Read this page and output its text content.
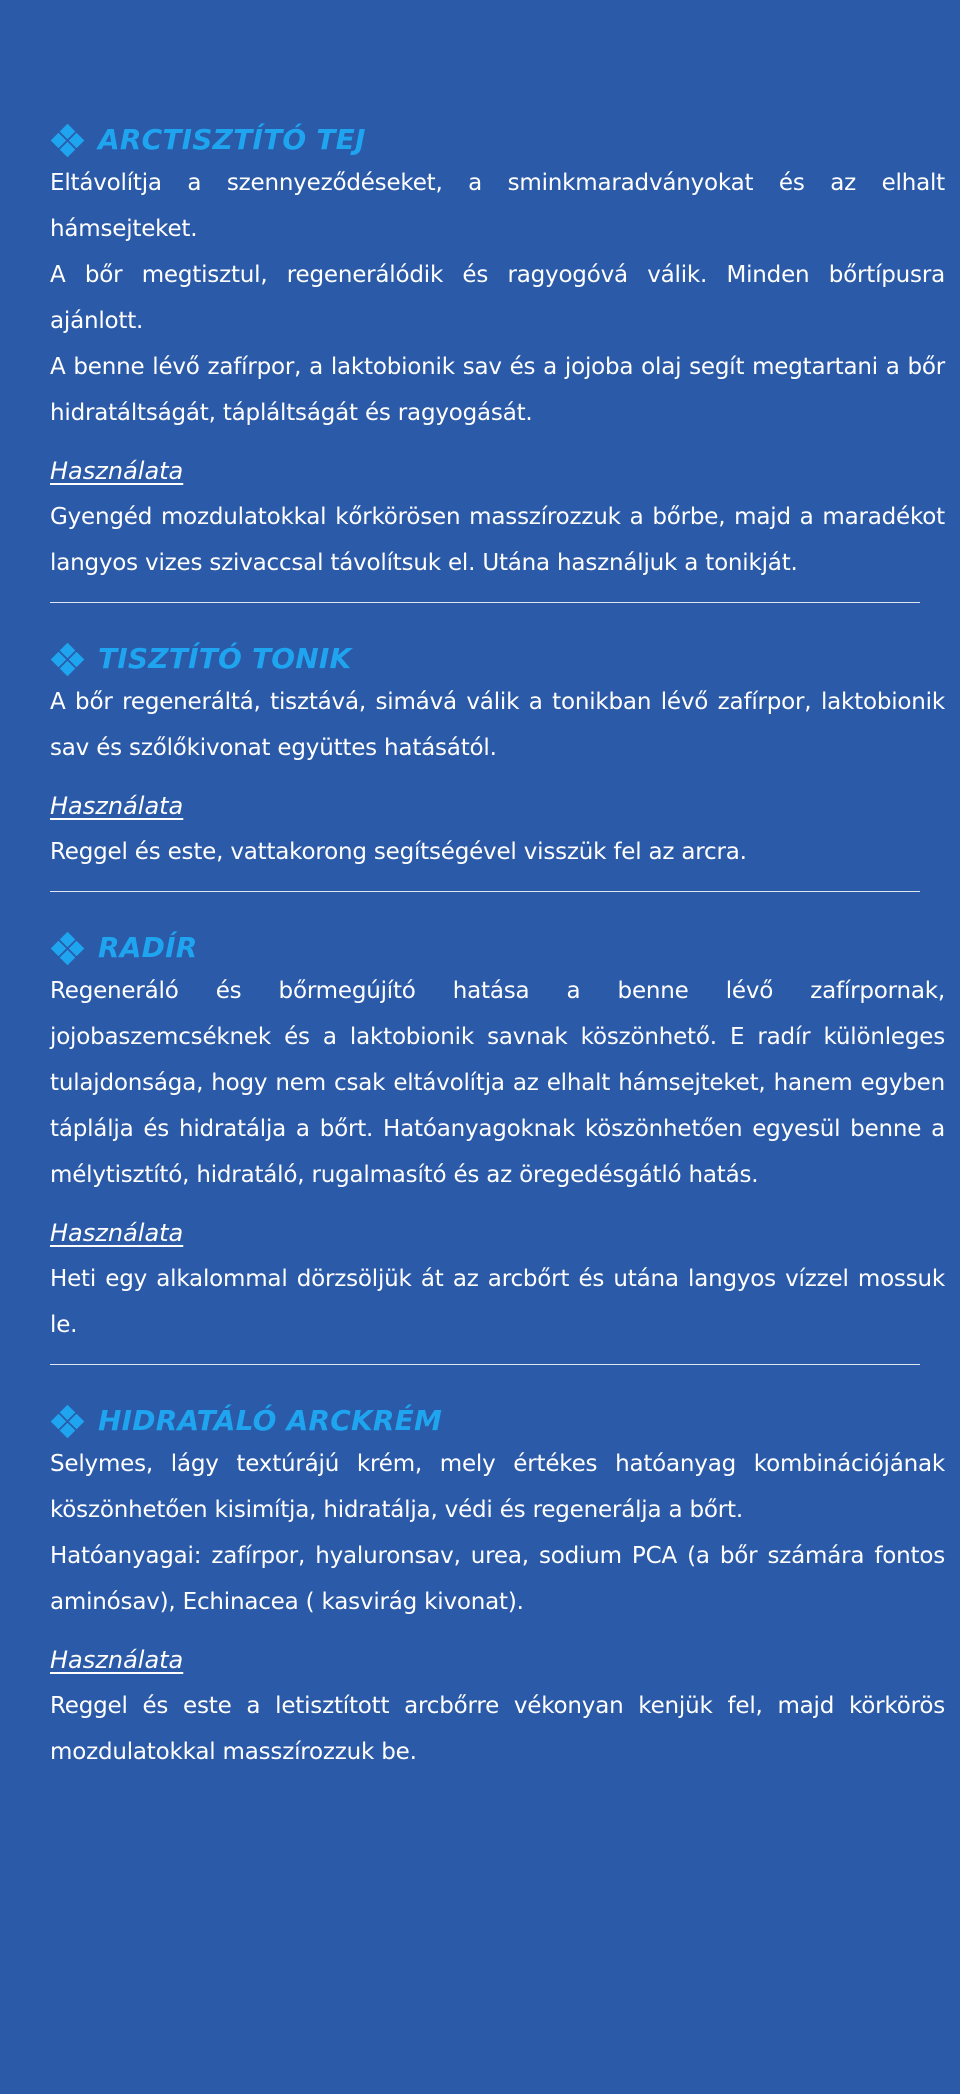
ARCTISZTÍTÓ TEJ

Eltávolítja a szennyeződéseket, a sminkmaradványokat és az elhalt hámsejteket.

A bőr megtisztul, regenerálódik és ragyogóvá válik. Minden bőrtípusra ajánlott.

A benne lévő zafírpor, a laktobionik sav és a jojoba olaj segít megtartani a bőr hidratáltságát, tápláltságát és ragyogását.

Használata

Gyengéd mozdulatokkal kőrkörösen masszírozzuk a bőrbe, majd a maradékot langyos vizes szivaccsal távolítsuk el. Utána használjuk a tonikját.

TISZTÍTÓ TONIK

A bőr regeneráltá, tisztává, simává válik a tonikban lévő zafírpor, laktobionik sav és szőlőkivonat együttes hatásától.

Használata

Reggel és este, vattakorong segítségével visszük fel az arcra.

RADÍR

Regeneráló és bőrmegújító hatása a benne lévő zafírpornak, jojobaszemcséknek és a laktobionik savnak köszönhető. E radír különleges tulajdonsága, hogy nem csak eltávolítja az elhalt hámsejteket, hanem egyben táplálja és hidratálja a bőrt. Hatóanyagoknak köszönhetően egyesül benne a mélytisztító, hidratáló, rugalmasító és az öregedésgátló hatás.

Használata

Heti egy alkalommal dörzsöljük át az arcbőrt és utána langyos vízzel mossuk le.

HIDRATÁLÓ ARCKRÉM

Selymes, lágy textúrájú krém, mely értékes hatóanyag kombinációjának köszönhetően kisimítja, hidratálja, védi és regenerálja a bőrt.

Hatóanyagai: zafírpor, hyaluronsav, urea, sodium PCA (a bőr számára fontos aminósav), Echinacea ( kasvirág kivonat).

Használata

Reggel és este a letisztított arcbőrre vékonyan kenjük fel, majd körkörös mozdulatokkal masszírozzuk be.
